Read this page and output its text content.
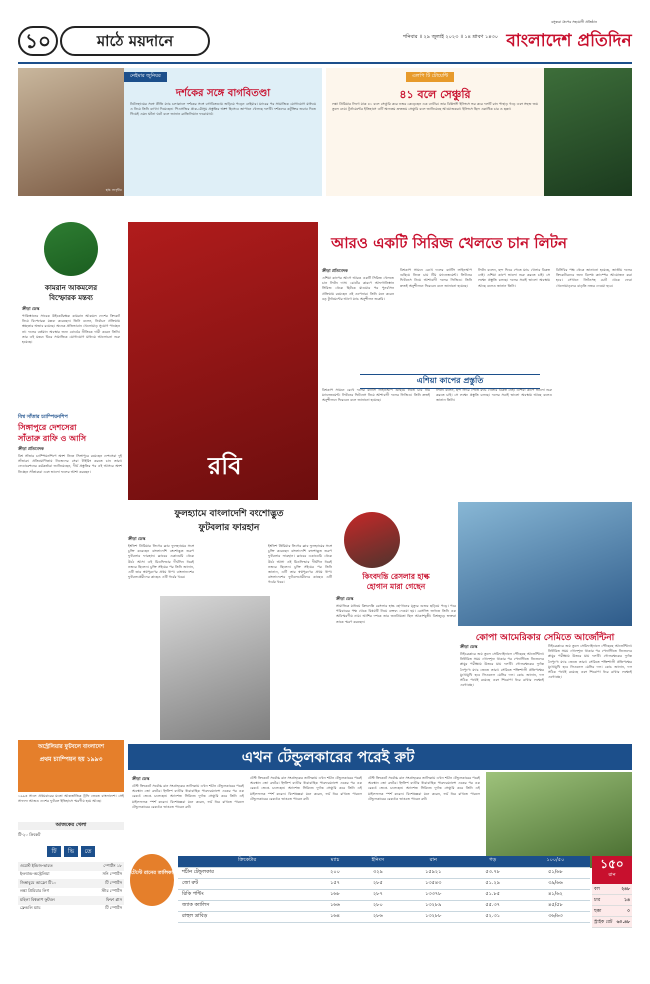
১০	মাঠে ময়দানে	শনিবার ॥ ২৯ জুলাই ২০২৩ ॥ ১৪ শ্রাবণ ১৪৩০
বসুন্ধরা গ্রুপের সহযোগী প্রতিষ্ঠান
বাংলাদেশ প্রতিদিন
ছবি: সংগৃহীত
নেইমার জুনিয়র
দর্শকের সঙ্গে বাগবিতণ্ডা
টটেনহ্যামের সঙ্গে প্রীতি ম্যাচ চলাকালে দর্শকের সঙ্গে বাগবিতণ্ডায় জড়িয়ে পড়েন নেইমার। ম্যাচের পর সামাজিক যোগাযোগ মাধ্যমে এ নিয়ে তিনি ব্যাখ্যা দিয়েছেন। পিএসজির প্রাক-মৌসুম প্রস্তুতির অংশ হিসেবে জাপানে খেলছে দলটি। দর্শকদের কটূক্তির জবাব দিতে গিয়েই এমন ঘটনা ঘটে বলে জানান ব্রাজিলিয়ান ফরোয়ার্ড।
এলপি টি টোয়েন্টি
৪১ বলে সেঞ্চুরি
লঙ্কা প্রিমিয়ার লিগে মাত্র ৪১ বলে সেঞ্চুরি করে নজর কেড়েছেন এক ব্যাটার। তার বিধ্বংসী ইনিংসে ভর করে দলটি রান পাহাড় গড়ে এবং সহজ জয় তুলে নেয়। টুর্নামেন্টের ইতিহাসে এটি অন্যতম দ্রুততম সেঞ্চুরি বলে জানিয়েছে আয়োজকরা। ইনিংসে ছিল একাধিক চার ও ছক্কা।
কামরান আকমলের
বিস্ফোরক মন্তব্য
ক্রীড়া ডেস্ক
পাকিস্তানের সাবেক উইকেটরক্ষক কামরান আকমল দেশের ক্রিকেট নিয়ে বিস্ফোরক মন্তব্য করেছেন। তিনি বলেন, নির্বাচন প্রক্রিয়ায় স্বচ্ছতার অভাব রয়েছে। অনেক প্রতিভাবান খেলোয়াড় সুযোগ পাচ্ছেন না। দলের বর্তমান অবস্থার জন্য বোর্ডের নীতিকে দায়ী করেন তিনি। তার এই মন্তব্য ঘিরে সামাজিক যোগাযোগ মাধ্যমে আলোচনা শুরু হয়েছে।
রবি
আরও একটি সিরিজ খেলতে চান লিটন
ক্রীড়া প্রতিবেদক
এশিয়া কাপের আগে আরও একটি সিরিজ খেলতে চান লিটন দাস। চোটের কারণে আফগানিস্তান সিরিজ থেকে ছিটকে যাওয়ার পর পুনর্বাসন প্রক্রিয়ায় রয়েছেন এই ওপেনার। তিনি মনে করেন বড় টুর্নামেন্টের আগে ম্যাচ অনুশীলন জরুরি।
বিশ্বকাপ সামনে রেখে দলের ব্যাটিং লাইনআপ গুছিয়ে নিতে চায় টিম ম্যানেজমেন্ট। লিটনের ফিটনেস নিয়ে আশাবাদী দলের ফিজিও। তিনি দ্রুতই অনুশীলনে ফিরবেন বলে জানানো হয়েছে।
লিটন বলেন, ছন্দ ফিরে পেতে ম্যাচ খেলার বিকল্প নেই। এশিয়া কাপে ভালো শুরু করতে চাই। সে লক্ষ্যে প্রস্তুতি চলছে। দলের সবাই ভালো অবস্থায় আছে বলেও জানান তিনি।
বিসিবির পক্ষ থেকে জানানো হয়েছে, জাতীয় দলের ক্রিকেটারদের জন্য বিশেষ ক্যাম্পের আয়োজন করা হবে। সেখানে লিটনসহ চোট থেকে ফেরা খেলোয়াড়দের বাড়তি নজর দেওয়া হবে।
এশিয়া কাপের প্রস্তুতি
বিশ্বকাপ সামনে রেখে দলের ব্যাটিং লাইনআপ গুছিয়ে নিতে চায় টিম ম্যানেজমেন্ট। লিটনের ফিটনেস নিয়ে আশাবাদী দলের ফিজিও। তিনি দ্রুতই অনুশীলনে ফিরবেন বলে জানানো হয়েছে।
লিটন বলেন, ছন্দ ফিরে পেতে ম্যাচ খেলার বিকল্প নেই। এশিয়া কাপে ভালো শুরু করতে চাই। সে লক্ষ্যে প্রস্তুতি চলছে। দলের সবাই ভালো অবস্থায় আছে বলেও জানান তিনি।
বিশ্ব সাঁতার চ্যাম্পিয়নশিপ
সিঙ্গাপুরে দেশসেরা
সাঁতারু রাফি ও আসি
ক্রীড়া প্রতিবেদক
বিশ্ব সাঁতার চ্যাম্পিয়নশিপে অংশ নিতে সিঙ্গাপুরে রয়েছেন দেশসেরা দুই সাঁতারু। প্রতিযোগিতায় নিজেদের সেরা টাইমিং করতে চান তারা। ফেডারেশনের কর্মকর্তারা জানিয়েছেন, দীর্ঘ প্রস্তুতির পর এই আসরে অংশ নিচ্ছেন সাঁতারুরা এবং ভালো ফলের আশা করছেন।
ফুলহ্যামে বাংলাদেশি বংশোদ্ভুত
ফুটবলার ফারহান
ক্রীড়া ডেস্ক
ইংলিশ প্রিমিয়ার লিগের ক্লাব ফুলহ্যামের সঙ্গে চুক্তি করেছেন বাংলাদেশি বংশোদ্ভুত তরুণ ফুটবলার ফারহান। ক্লাবের একাডেমি থেকে উঠে আসা এই মিডফিল্ডার দীর্ঘদিন ধরেই নজরে ছিলেন। চুক্তি সইয়ের পর তিনি জানান, এটি তার স্বপ্নপূরণের প্রথম ধাপ। বাংলাদেশের ফুটবলপ্রেমীদের কাছেও এটি গর্বের খবর।
ইংলিশ প্রিমিয়ার লিগের ক্লাব ফুলহ্যামের সঙ্গে চুক্তি করেছেন বাংলাদেশি বংশোদ্ভুত তরুণ ফুটবলার ফারহান। ক্লাবের একাডেমি থেকে উঠে আসা এই মিডফিল্ডার দীর্ঘদিন ধরেই নজরে ছিলেন। চুক্তি সইয়ের পর তিনি জানান, এটি তার স্বপ্নপূরণের প্রথম ধাপ। বাংলাদেশের ফুটবলপ্রেমীদের কাছেও এটি গর্বের খবর।
কিংবদন্তি রেসলার হাল্ক
হোগান মারা গেছেন
ক্রীড়া ডেস্ক
সামাজিক মাধ্যমে কিংবদন্তি রেসলার হাল্ক হোগানের মৃত্যুর গুজব ছড়িয়ে পড়ে। পরে পরিবারের পক্ষ থেকে বিষয়টি নিয়ে বক্তব্য দেওয়া হয়। রেসলিং জগতে তিনি এক অবিস্মরণীয় নাম। আশির দশকে তার জনপ্রিয়তা ছিল আকাশচুম্বী। বিশ্বজুড়ে ভক্তরা তাকে স্মরণ করছেন।
কোপা আমেরিকার সেমিতে আর্জেন্টিনা
ক্রীড়া ডেস্ক
টাইব্রেকারে জয় তুলে সেমিফাইনালে পৌঁছেছে আর্জেন্টিনা। নির্ধারিত সময় গোলশূন্য থাকার পর পেনাল্টিতে নিজেদের স্নায়ুর পরীক্ষায় উতরে যায় দলটি। গোলরক্ষকের দুর্দান্ত নৈপুণ্যে ম্যাচ জেতে তারা। সেমিতে শক্তিশালী প্রতিপক্ষের মুখোমুখি হবে লিওনেল মেসির দল। কোচ জানান, দল সঠিক পথেই রয়েছে এবং শিরোপা ধরে রাখার লক্ষ্যেই এগোচ্ছে।
টাইব্রেকারে জয় তুলে সেমিফাইনালে পৌঁছেছে আর্জেন্টিনা। নির্ধারিত সময় গোলশূন্য থাকার পর পেনাল্টিতে নিজেদের স্নায়ুর পরীক্ষায় উতরে যায় দলটি। গোলরক্ষকের দুর্দান্ত নৈপুণ্যে ম্যাচ জেতে তারা। সেমিতে শক্তিশালী প্রতিপক্ষের মুখোমুখি হবে লিওনেল মেসির দল। কোচ জানান, দল সঠিক পথেই রয়েছে এবং শিরোপা ধরে রাখার লক্ষ্যেই এগোচ্ছে।
অস্ট্রেলিয়ার ফুটবলে বাংলাদেশ
প্রথম চ্যাম্পিয়ন হয় ১৯৯৩
১৯৯৩ সালে প্রথমবারের মতো আন্তর্জাতিক ট্রফি জেতে বাংলাদেশ। সেই সাফল্য আজও দেশের ফুটবল ইতিহাসে স্মরণীয় হয়ে আছে।
আজকের খেলা
টি-২০ ক্রিকেট
টি	ভি	তে
ওয়েস্ট ইন্ডিজ-ভারত	স্পোর্টস ১৮
ইংল্যান্ড-অস্ট্রেলিয়া	সনি স্পোর্টস
জিম্বাবুয়ে আফ্রো টি১০	টি স্পোর্টস
লঙ্কা প্রিমিয়ার লিগ	স্টার স্পোর্টস
মহিলা বিশ্বকাপ ফুটবল	ফিফা প্লাস
ফ্রেন্ডলি ম্যাচ	টি স্পোর্টস
এখন টেন্ডুলকারের পরেই রুট
ক্রীড়া ডেস্ক
টেস্ট ক্রিকেটে সর্বোচ্চ রান সংগ্রাহকের তালিকায় এখন শচীন টেন্ডুলকারের পরেই অবস্থান জো রুটের। ইংলিশ ব্যাটার ধারাবাহিক পারফরম্যান্সে একের পর এক রেকর্ড ভেঙে চলেছেন। অ্যাশেজ সিরিজে দুর্দান্ত সেঞ্চুরি করে তিনি এই মাইলফলক স্পর্শ করেন। বিশেষজ্ঞরা মনে করেন, ফর্ম ধরে রাখতে পারলে টেন্ডুলকারের রেকর্ডও ভাঙতে পারেন রুট।
টেস্ট ক্রিকেটে সর্বোচ্চ রান সংগ্রাহকের তালিকায় এখন শচীন টেন্ডুলকারের পরেই অবস্থান জো রুটের। ইংলিশ ব্যাটার ধারাবাহিক পারফরম্যান্সে একের পর এক রেকর্ড ভেঙে চলেছেন। অ্যাশেজ সিরিজে দুর্দান্ত সেঞ্চুরি করে তিনি এই মাইলফলক স্পর্শ করেন। বিশেষজ্ঞরা মনে করেন, ফর্ম ধরে রাখতে পারলে টেন্ডুলকারের রেকর্ডও ভাঙতে পারেন রুট।
টেস্ট ক্রিকেটে সর্বোচ্চ রান সংগ্রাহকের তালিকায় এখন শচীন টেন্ডুলকারের পরেই অবস্থান জো রুটের। ইংলিশ ব্যাটার ধারাবাহিক পারফরম্যান্সে একের পর এক রেকর্ড ভেঙে চলেছেন। অ্যাশেজ সিরিজে দুর্দান্ত সেঞ্চুরি করে তিনি এই মাইলফলক স্পর্শ করেন। বিশেষজ্ঞরা মনে করেন, ফর্ম ধরে রাখতে পারলে টেন্ডুলকারের রেকর্ডও ভাঙতে পারেন রুট।
টেস্টে রানের তালিকা
ক্রিকেটার	ম্যাচ	ইনিংস	রান	গড়	১০০/৫০
শচীন টেন্ডুলকার	২০০	৩২৯	১৫৯২১	৫৩.৭৮	৫১/৬৮
জো রুট	১৫৭	২৮৫	১৩৫৪৩	৫১.২৯	৩৯/৬৬
রিকি পন্টিং	১৬৮	২৮৭	১৩৩৭৮	৫১.৮৫	৪১/৬২
জ্যাক ক্যালিস	১৬৬	২৮০	১৩২৮৯	৫৫.৩৭	৪৫/৫৮
রাহুল দ্রাবিড়	১৬৪	২৮৬	১৩২৮৮	৫২.৩১	৩৬/৬৩
১৫০
রান
বল	২৪৮
চার	১৪
ছক্কা	০
স্ট্রাইক রেট ৬০.৪৮
